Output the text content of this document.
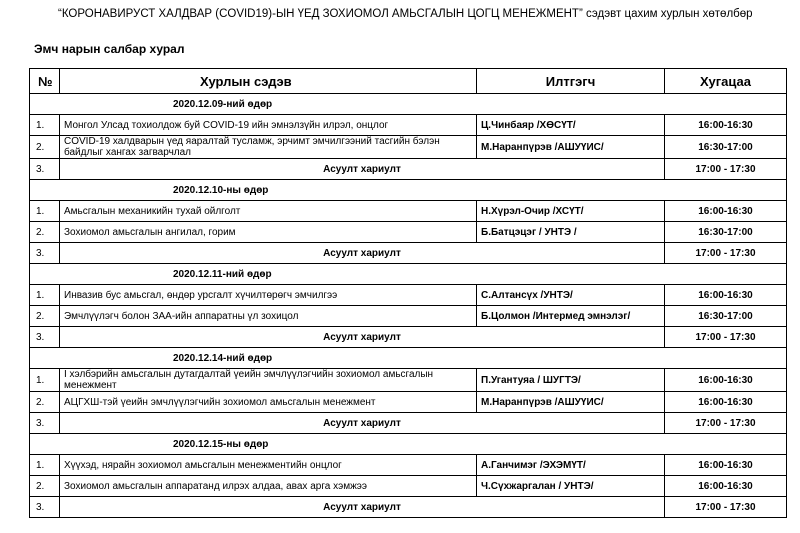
“КОРОНАВИРУСТ ХАЛДВАР (COVID19)-ЫН ҮЕД ЗОХИОМОЛ АМЬСГАЛЫН ЦОГЦ МЕНЕЖМЕНТ” сэдэвт цахим хурлын хөтөлбөр
Эмч нарын салбар хурал
№	Хурлын сэдэв	Илтгэгч	Хугацаа
2020.12.09-ний өдөр			
1.	Монгол Улсад тохиолдож буй COVID-19 ийн эмнэлзүйн илрэл, онцлог	Ц.Чинбаяр /ХӨСҮТ/	16:00-16:30
2.	COVID-19 халдварын үед яаралтай тусламж, эрчимт эмчилгээний тасгийн бэлэн байдлыг хангах загварчлал	М.Наранпүрэв /АШУҮИС/	16:30-17:00
3.	Асуулт хариулт		17:00 - 17:30
2020.12.10-ны өдөр			
1.	Амьсгалын механикийн тухай ойлголт	Н.Хүрэл-Очир /ХСҮТ/	16:00-16:30
2.	Зохиомол амьсгалын ангилал, горим	Б.Батцэцэг / УНТЭ /	16:30-17:00
3.	Асуулт хариулт		17:00 - 17:30
2020.12.11-ний өдөр			
1.	Инвазив бус амьсгал, өндөр урсгалт хүчилтөрөгч эмчилгээ	С.Алтансүх /УНТЭ/	16:00-16:30
2.	Эмчлүүлэгч болон ЗАА-ийн аппаратны үл зохицол	Б.Цолмон /Интермед эмнэлэг/	16:30-17:00
3.	Асуулт хариулт		17:00 - 17:30
2020.12.14-ний өдөр			
1.	I хэлбэрийн амьсгалын дутагдалтай үеийн эмчлүүлэгчийн зохиомол амьсгалын менежмент	П.Угантуяа / ШУГТЭ/	16:00-16:30
2.	АЦГХШ-тэй үеийн эмчлүүлэгчийн зохиомол амьсгалын менежмент	М.Наранпүрэв /АШУҮИС/	16:00-16:30
3.	Асуулт хариулт		17:00 - 17:30
2020.12.15-ны өдөр			
1.	Хүүхэд, нярайн зохиомол амьсгалын менежментийн онцлог	А.Ганчимэг /ЭХЭМҮТ/	16:00-16:30
2.	Зохиомол амьсгалын аппаратанд илрэх алдаа, авах арга хэмжээ	Ч.Сүхжаргалан / УНТЭ/	16:00-16:30
3.	Асуулт хариулт		17:00 - 17:30
